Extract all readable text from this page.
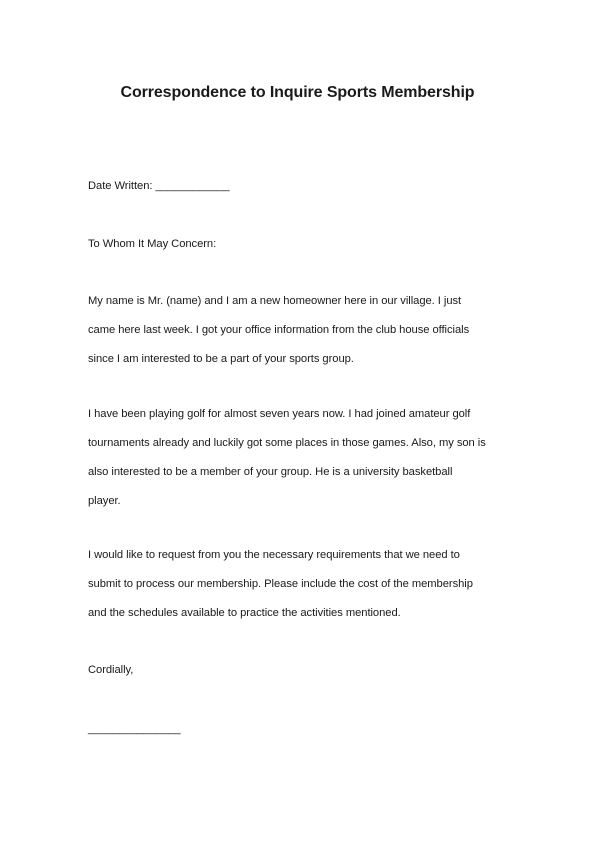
Correspondence to Inquire Sports Membership
Date Written: ____________
To Whom It May Concern:
My name is Mr. (name) and I am a new homeowner here in our village. I just
came here last week. I got your office information from the club house officials
since I am interested to be a part of your sports group.
I have been playing golf for almost seven years now. I had joined amateur golf
tournaments already and luckily got some places in those games. Also, my son is
also interested to be a member of your group. He is a university basketball
player.
I would like to request from you the necessary requirements that we need to
submit to process our membership. Please include the cost of the membership
and the schedules available to practice the activities mentioned.
Cordially,
_______________
